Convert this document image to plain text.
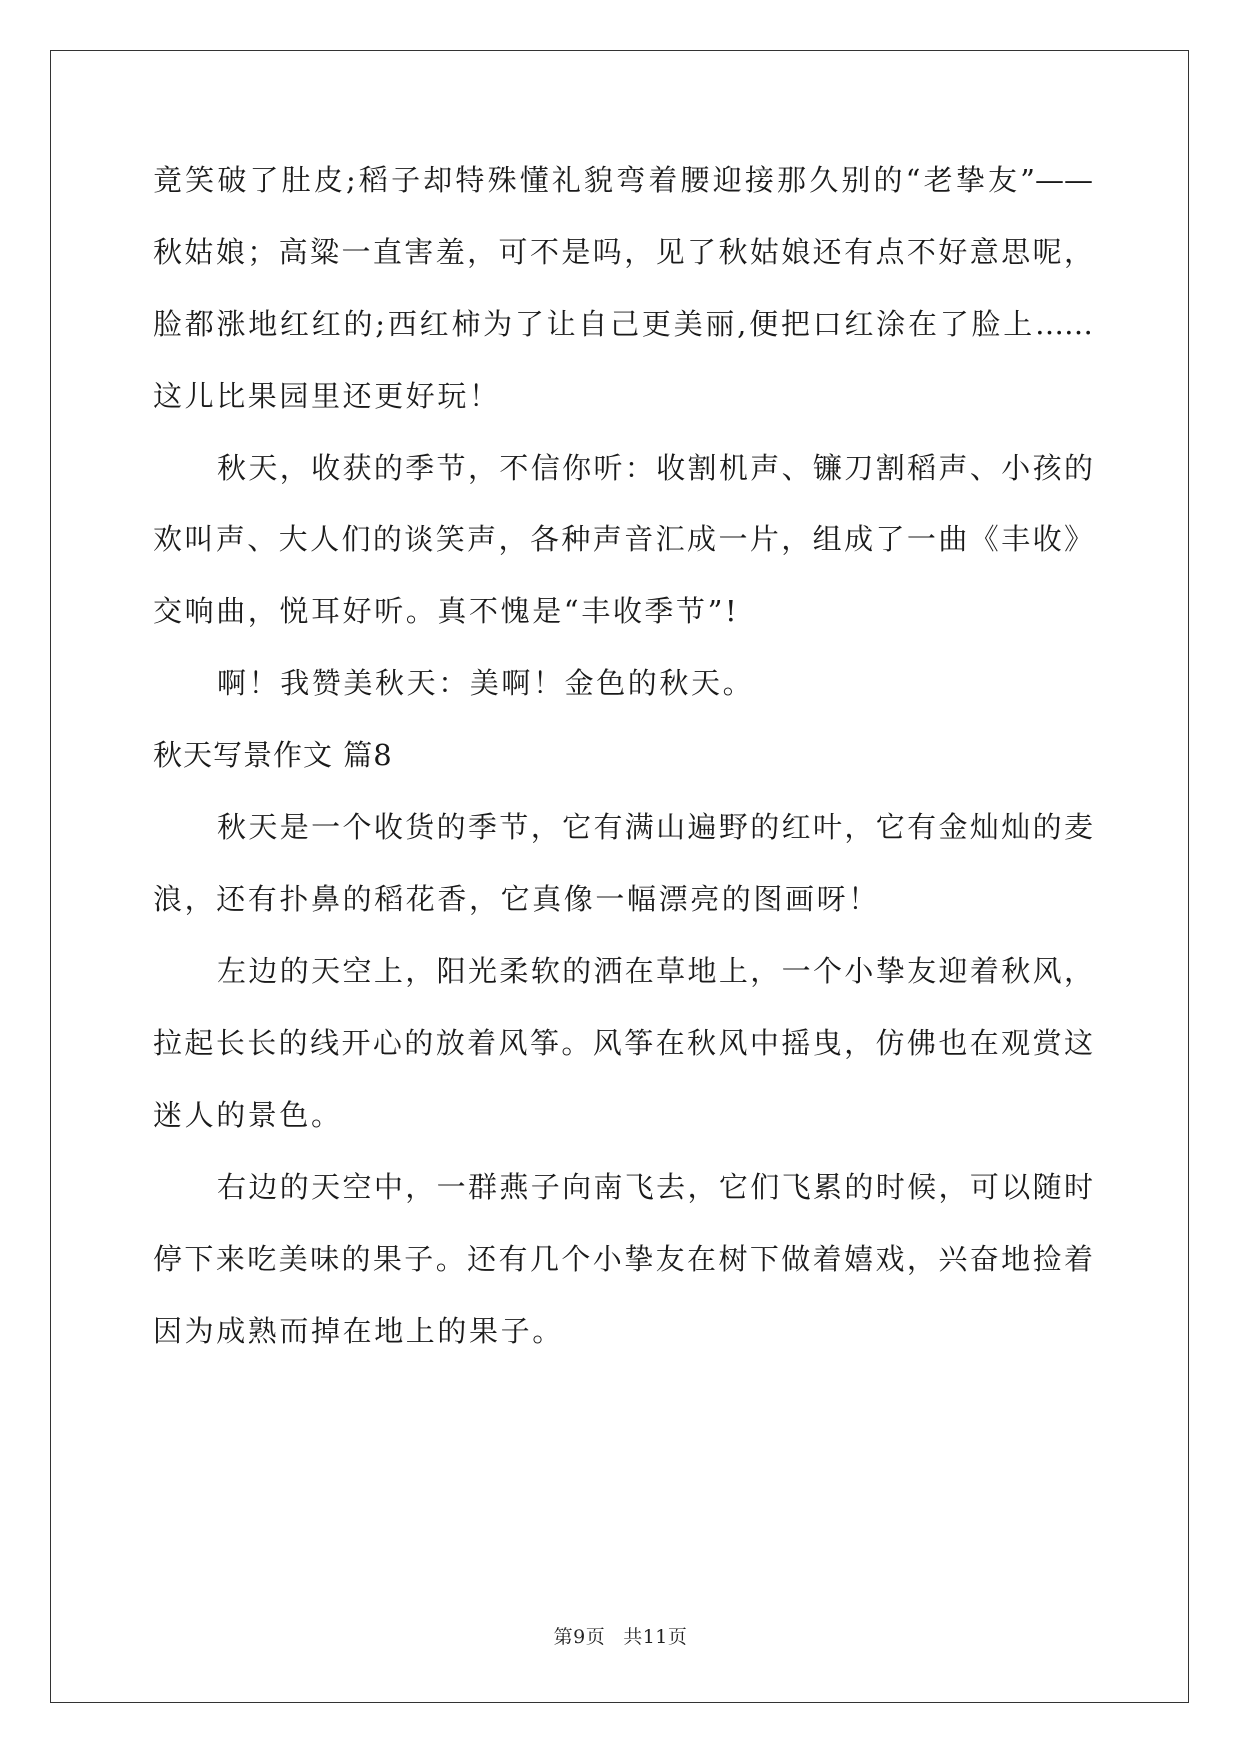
竟笑破了肚皮;稻子却特殊懂礼貌弯着腰迎接那久别的“老挚友”——
秋姑娘；高粱一直害羞，可不是吗，见了秋姑娘还有点不好意思呢，
脸都涨地红红的;西红柿为了让自己更美丽,便把口红涂在了脸上……
这儿比果园里还更好玩！
秋天，收获的季节，不信你听：收割机声、镰刀割稻声、小孩的
欢叫声、大人们的谈笑声，各种声音汇成一片，组成了一曲《丰收》
交响曲，悦耳好听。真不愧是“丰收季节”!
啊！我赞美秋天：美啊！金色的秋天。
秋天写景作文 篇8
秋天是一个收货的季节，它有满山遍野的红叶，它有金灿灿的麦
浪，还有扑鼻的稻花香，它真像一幅漂亮的图画呀！
左边的天空上，阳光柔软的洒在草地上，一个小挚友迎着秋风，
拉起长长的线开心的放着风筝。风筝在秋风中摇曳，仿佛也在观赏这
迷人的景色。
右边的天空中，一群燕子向南飞去，它们飞累的时候，可以随时
停下来吃美味的果子。还有几个小挚友在树下做着嬉戏，兴奋地捡着
因为成熟而掉在地上的果子。
第9页 共11页
